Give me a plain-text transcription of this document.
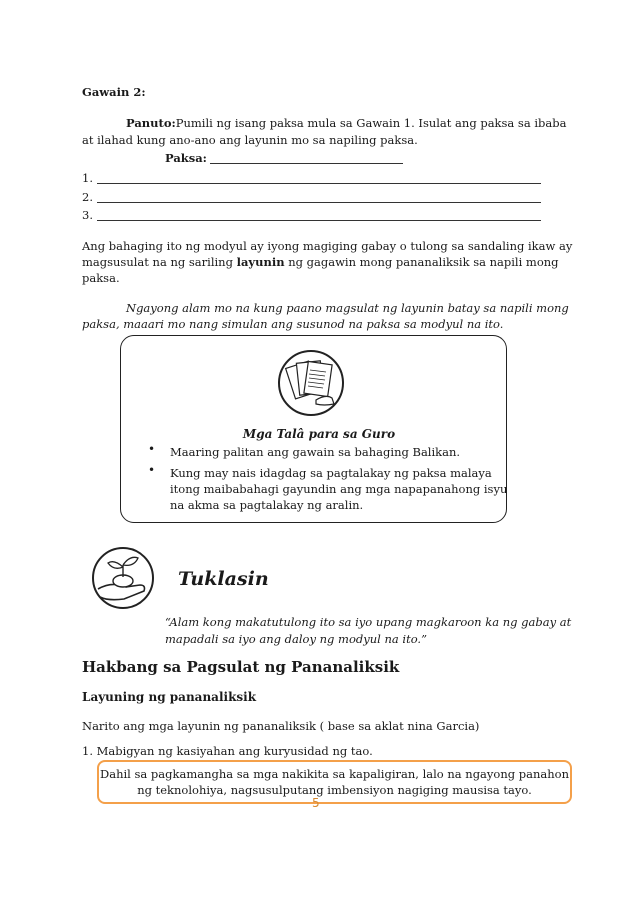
Gawain 2:
Panuto:Pumili ng isang paksa mula sa Gawain 1. Isulat ang paksa sa ibaba
at ilahad kung ano-ano ang layunin mo sa napiling paksa.
Paksa:
1.
2.
3.
Ang bahaging ito ng modyul ay iyong magiging gabay o tulong sa sandaling ikaw ay
magsusulat na ng sariling layunin ng gagawin mong pananaliksik sa napili mong
paksa.
Ngayong alam mo na kung paano magsulat ng layunin batay sa napili mong
paksa, maaari mo nang simulan ang susunod na paksa sa modyul na ito.
Mga Talâ para sa Guro
• Maaring palitan ang gawain sa bahaging Balikan.
• Kung may nais idagdag sa pagtalakay ng paksa malaya
itong maibabahagi gayundin ang mga napapanahong isyu
na akma sa pagtalakay ng aralin.
Tuklasin
“Alam kong makatutulong ito sa iyo upang magkaroon ka ng gabay at
mapadali sa iyo ang daloy ng modyul na ito.”
Hakbang sa Pagsulat ng Pananaliksik
Layuning ng pananaliksik
Narito ang mga layunin ng pananaliksik ( base sa aklat nina Garcia)
1. Mabigyan ng kasiyahan ang kuryusidad ng tao.
Dahil sa pagkamangha sa mga nakikita sa kapaligiran, lalo na ngayong panahon
ng teknolohiya, nagsusulputang imbensiyon nagiging mausisa tayo.
5
